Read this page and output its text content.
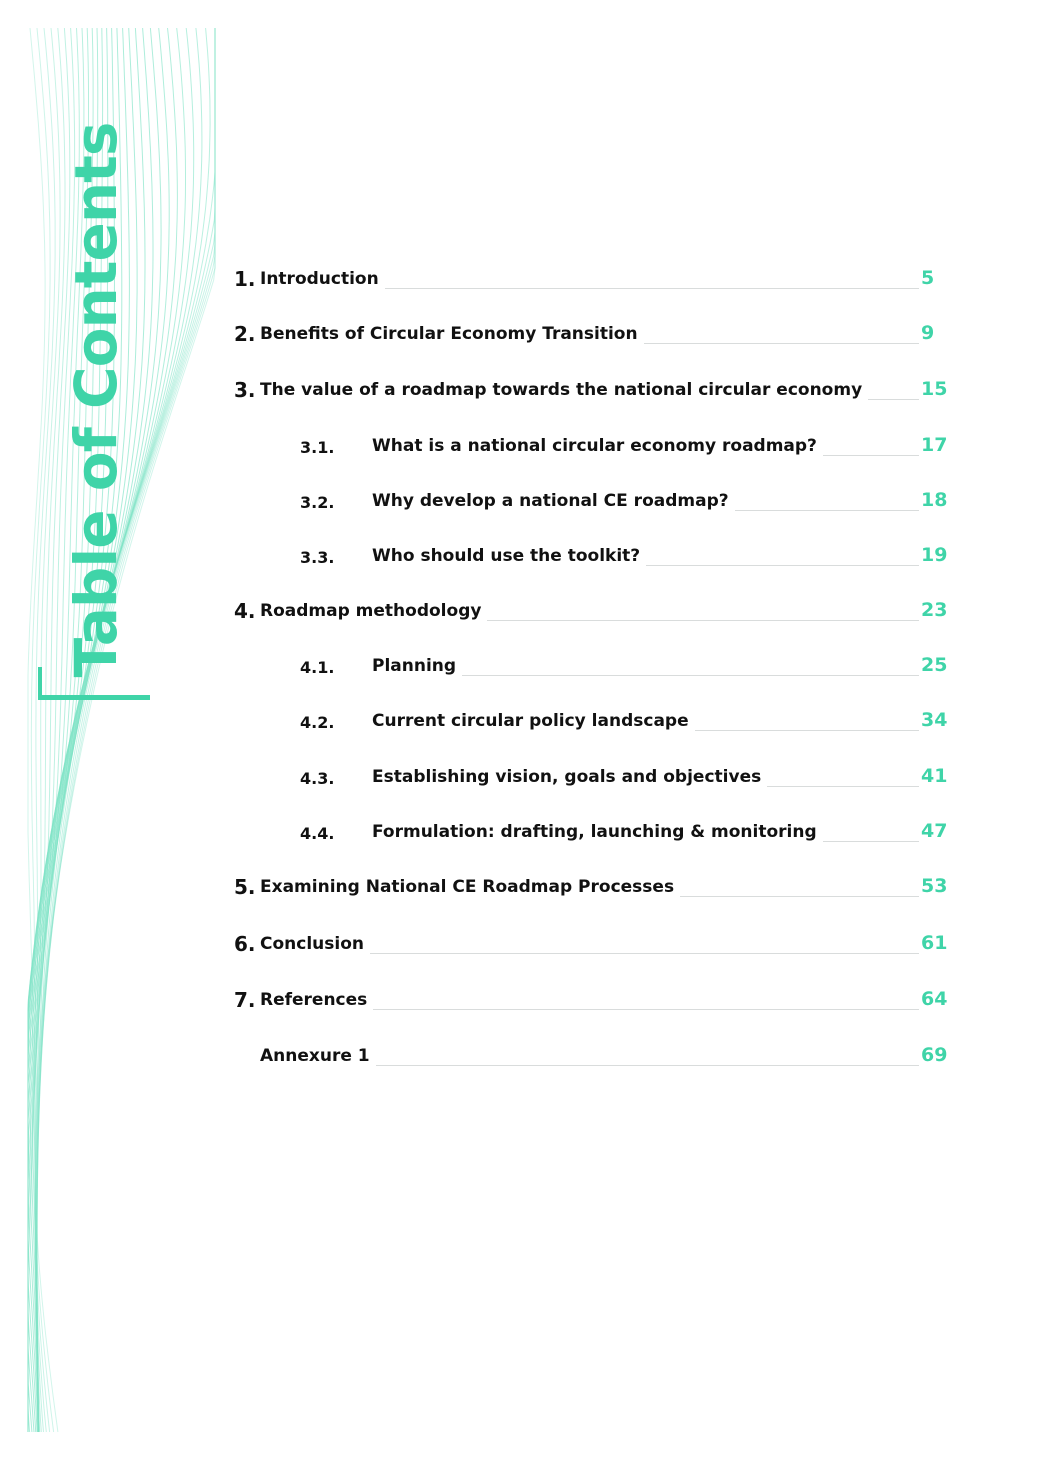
Table of Contents	1. Introduction	5
2. Benefits of Circular Economy Transition	9
3. The value of a roadmap towards the national circular economy	15
3.1. What is a national circular economy roadmap?	17
3.2. Why develop a national CE roadmap?	18
3.3. Who should use the toolkit?	19
4. Roadmap methodology	23
4.1. Planning	25
4.2. Current circular policy landscape	34
4.3. Establishing vision, goals and objectives	41
4.4. Formulation: drafting, launching & monitoring	47
5. Examining National CE Roadmap Processes	53
6. Conclusion	61
7. References	64
Annexure 1	69
